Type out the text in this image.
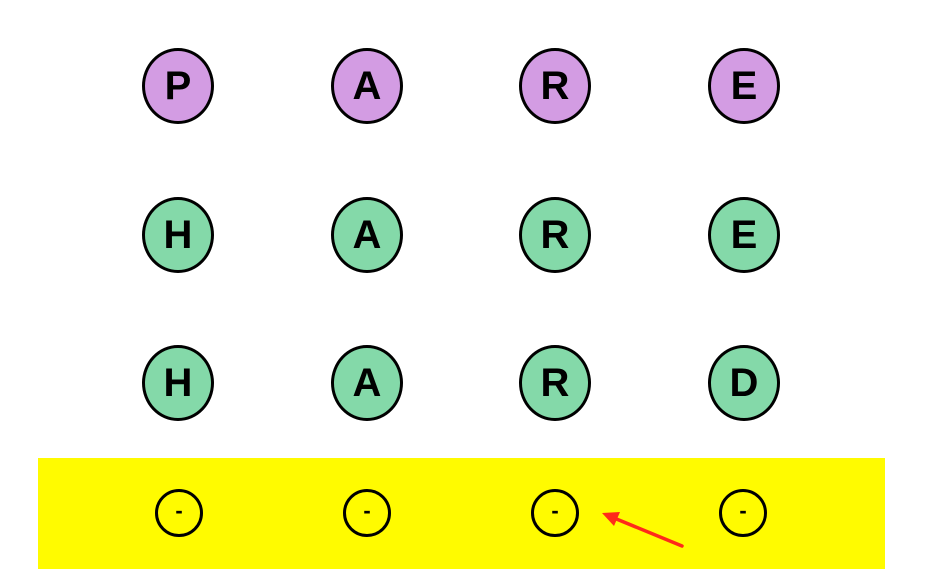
P	A	R	E
H	A	R	E
H	A	R	D
-	-	-	-
